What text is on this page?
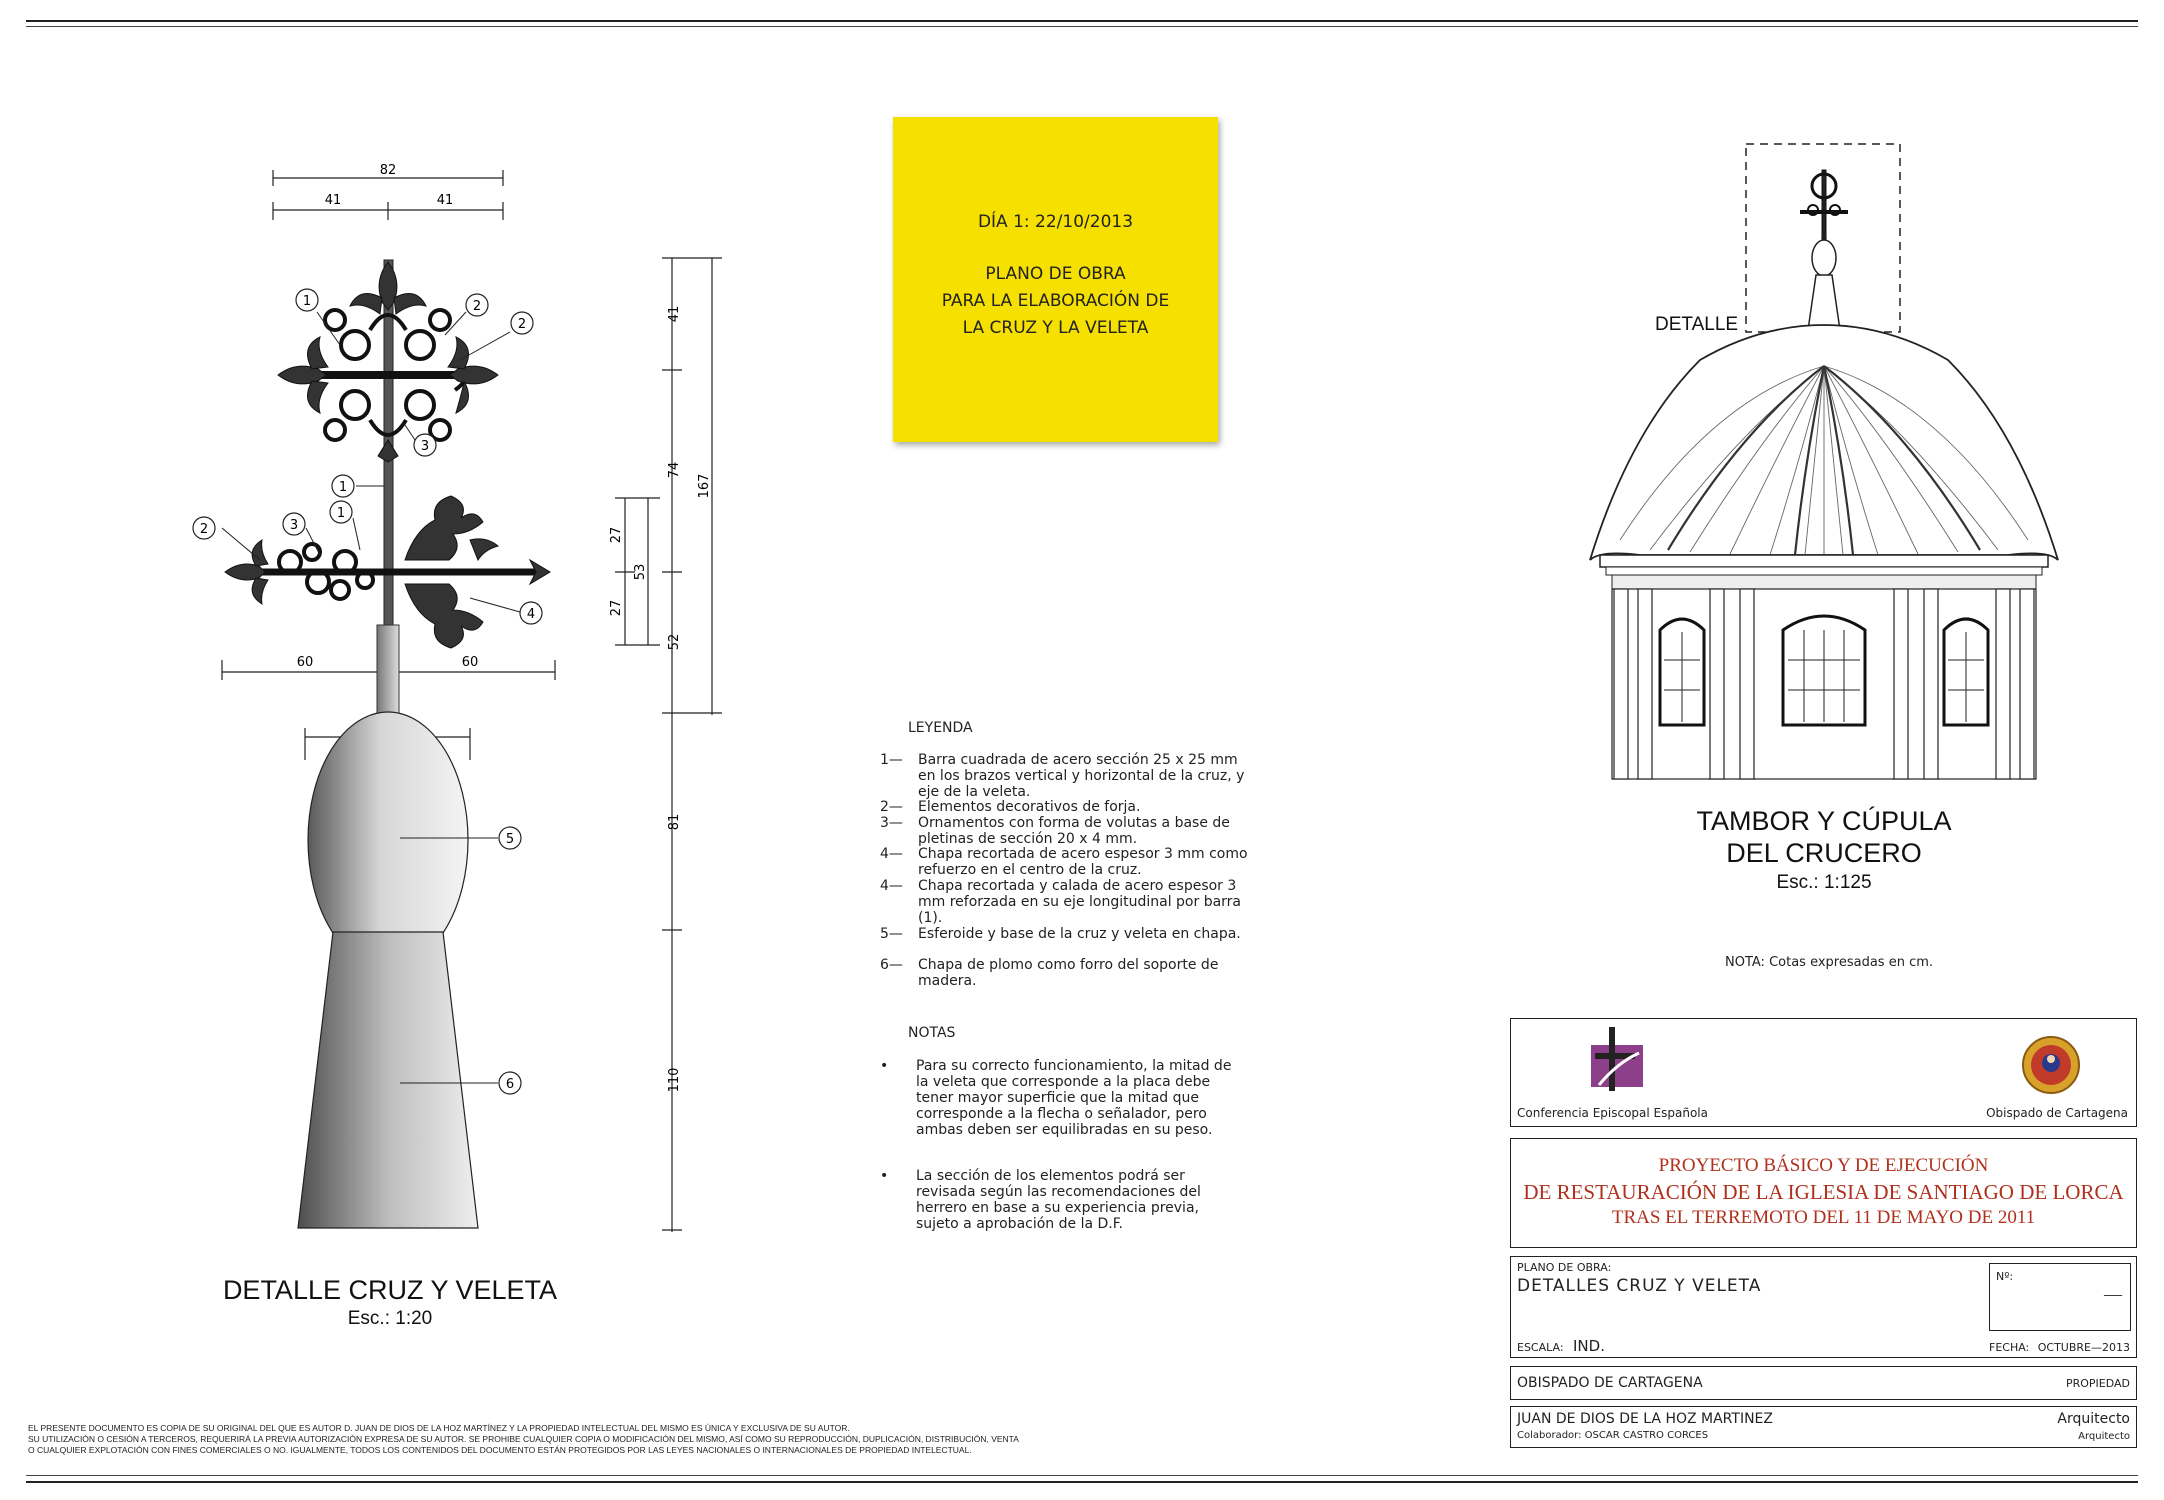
DÍA 1: 22/10/2013
PLANO DE OBRA
PARA LA ELABORACIÓN DE
LA CRUZ Y LA VELETA
82
41	41
60	60
1	2
2
3
1
2	3
1
4
5
6
41
74
167
27
53
27
52
81
110
DETALLE CRUZ Y VELETA
Esc.: 1:20
LEYENDA
1—	Barra cuadrada de acero sección 25 x 25 mm en los brazos vertical y horizontal de la cruz, y eje de la veleta.
2—	Elementos decorativos de forja.
3—	Ornamentos con forma de volutas a base de pletinas de sección 20 x 4 mm.
4—	Chapa recortada de acero espesor 3 mm como refuerzo en el centro de la cruz.
4—	Chapa recortada y calada de acero espesor 3 mm reforzada en su eje longitudinal por barra (1).
5—	Esferoide y base de la cruz y veleta en chapa.
6—	Chapa de plomo como forro del soporte de madera.
NOTAS
•	Para su correcto funcionamiento, la mitad de la veleta que corresponde a la placa debe tener mayor superficie que la mitad que corresponde a la flecha o señalador, pero ambas deben ser equilibradas en su peso.
•	La sección de los elementos podrá ser revisada según las recomendaciones del herrero en base a su experiencia previa, sujeto a aprobación de la D.F.
DETALLE
TAMBOR Y CÚPULA
DEL CRUCERO
Esc.: 1:125
NOTA: Cotas expresadas en cm.
Conferencia Episcopal Española	Obispado de Cartagena
PROYECTO BÁSICO Y DE EJECUCIÓN
DE RESTAURACIÓN DE LA IGLESIA DE SANTIAGO DE LORCA
TRAS EL TERREMOTO DEL 11 DE MAYO DE 2011
PLANO DE OBRA:
DETALLES CRUZ Y VELETA	Nº:
___
ESCALA: IND.	FECHA: OCTUBRE—2013
OBISPADO DE CARTAGENA	PROPIEDAD
JUAN DE DIOS DE LA HOZ MARTINEZ	Arquitecto
Colaborador: OSCAR CASTRO CORCES	Arquitecto
EL PRESENTE DOCUMENTO ES COPIA DE SU ORIGINAL DEL QUE ES AUTOR D. JUAN DE DIOS DE LA HOZ MARTÍNEZ Y LA PROPIEDAD INTELECTUAL DEL MISMO ES ÚNICA Y EXCLUSIVA DE SU AUTOR.
SU UTILIZACIÓN O CESIÓN A TERCEROS, REQUERIRÁ LA PREVIA AUTORIZACIÓN EXPRESA DE SU AUTOR. SE PROHIBE CUALQUIER COPIA O MODIFICACIÓN DEL MISMO, ASÍ COMO SU REPRODUCCIÓN, DUPLICACIÓN, DISTRIBUCIÓN, VENTA
O CUALQUIER EXPLOTACIÓN CON FINES COMERCIALES O NO. IGUALMENTE, TODOS LOS CONTENIDOS DEL DOCUMENTO ESTÁN PROTEGIDOS POR LAS LEYES NACIONALES O INTERNACIONALES DE PROPIEDAD INTELECTUAL.
